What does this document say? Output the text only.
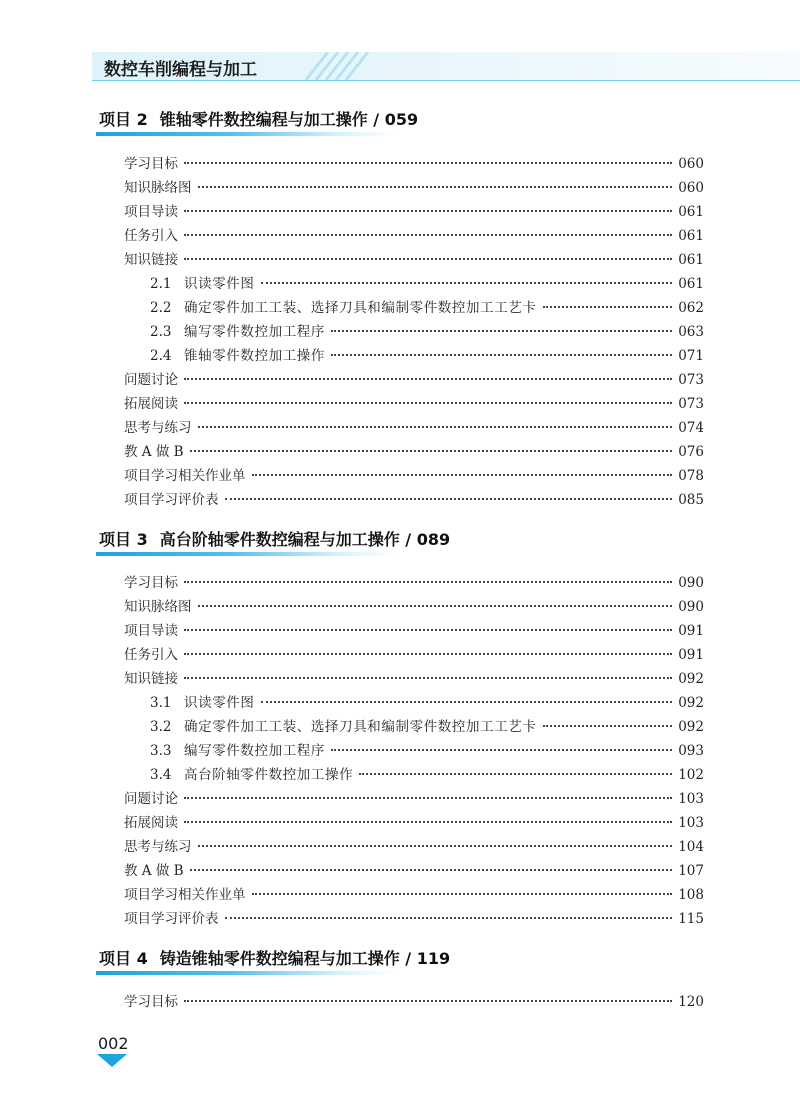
数控车削编程与加工
项目 2 锥轴零件数控编程与加工操作 / 059
学习目标	060
知识脉络图	060
项目导读	061
任务引入	061
知识链接	061
2.1 识读零件图	061
2.2 确定零件加工工装、选择刀具和编制零件数控加工工艺卡	062
2.3 编写零件数控加工程序	063
2.4 锥轴零件数控加工操作	071
问题讨论	073
拓展阅读	073
思考与练习	074
教 A 做 B	076
项目学习相关作业单	078
项目学习评价表	085
项目 3 高台阶轴零件数控编程与加工操作 / 089
学习目标	090
知识脉络图	090
项目导读	091
任务引入	091
知识链接	092
3.1 识读零件图	092
3.2 确定零件加工工装、选择刀具和编制零件数控加工工艺卡	092
3.3 编写零件数控加工程序	093
3.4 高台阶轴零件数控加工操作	102
问题讨论	103
拓展阅读	103
思考与练习	104
教 A 做 B	107
项目学习相关作业单	108
项目学习评价表	115
项目 4 铸造锥轴零件数控编程与加工操作 / 119
学习目标	120
002
